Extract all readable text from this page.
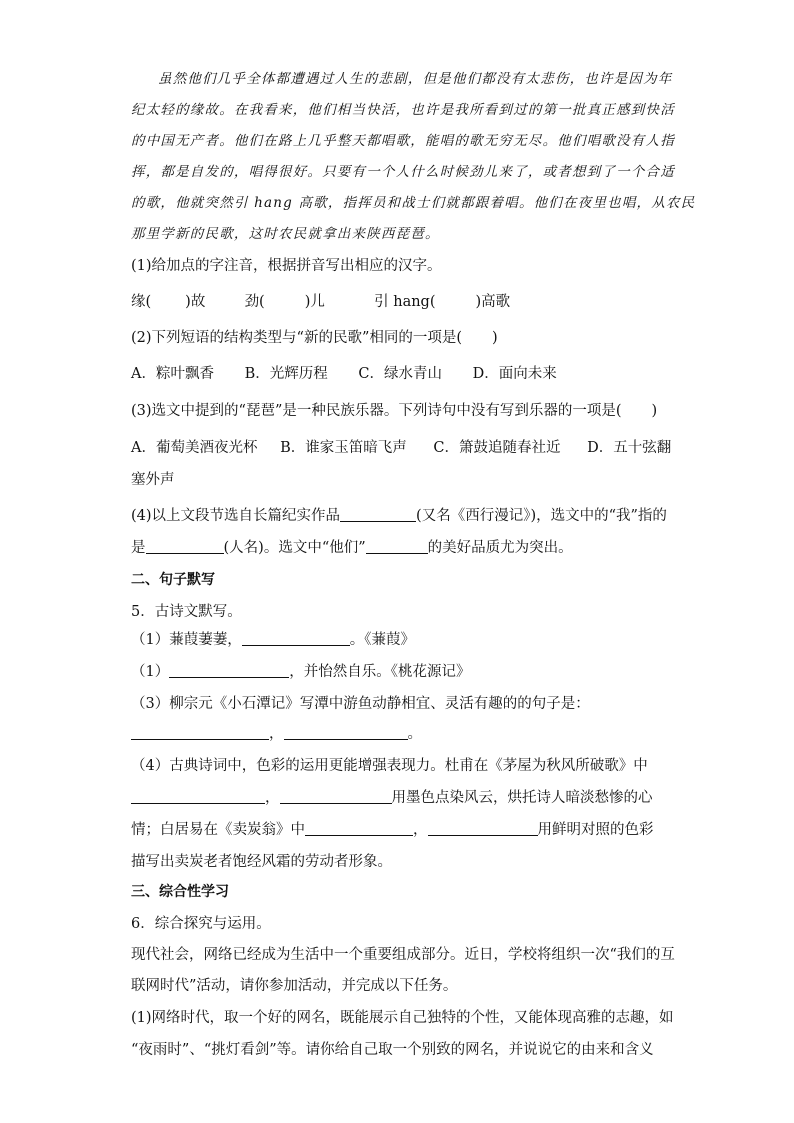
虽然他们几乎全体都遭遇过人生的悲剧，但是他们都没有太悲伤，也许是因为年
纪太轻的缘故。在我看来，他们相当快活，也许是我所看到过的第一批真正感到快活
的中国无产者。他们在路上几乎整天都唱歌，能唱的歌无穷无尽。他们唱歌没有人指
挥，都是自发的，唱得很好。只要有一个人什么时候劲儿来了，或者想到了一个合适
的歌，他就突然引 hang 高歌，指挥员和战士们就都跟着唱。他们在夜里也唱，从农民
那里学新的民歌，这时农民就拿出来陕西琵琶。
(1)给加点的字注音，根据拼音写出相应的汉字。
缘( )故	劲(	)儿	引 hang(	)高歌
(2)下列短语的结构类型与“新的民歌”相同的一项是( )
A．粽叶飘香 B．光辉历程 C．绿水青山 D．面向未来
(3)选文中提到的“琵琶”是一种民族乐器。下列诗句中没有写到乐器的一项是( )
A．葡萄美酒夜光杯 B．谁家玉笛暗飞声 C．箫鼓追随春社近 D．五十弦翻
塞外声
(4)以上文段节选自长篇纪实作品	(又名《西行漫记》)，选文中的“我”指的
是	(人名)。选文中“他们”	的美好品质尤为突出。
二、句子默写
5．古诗文默写。
（1）蒹葭萋萋，	。《蒹葭》
（1）	，并怡然自乐。《桃花源记》
（3）柳宗元《小石潭记》写潭中游鱼动静相宜、灵活有趣的的句子是：
，	。
（4）古典诗词中，色彩的运用更能增强表现力。杜甫在《茅屋为秋风所破歌》中
，	用墨色点染风云，烘托诗人暗淡愁惨的心
情；白居易在《卖炭翁》中	，	用鲜明对照的色彩
描写出卖炭老者饱经风霜的劳动者形象。
三、综合性学习
6．综合探究与运用。
现代社会，网络已经成为生活中一个重要组成部分。近日，学校将组织一次“我们的互
联网时代”活动，请你参加活动，并完成以下任务。
(1)网络时代，取一个好的网名，既能展示自己独特的个性，又能体现高雅的志趣，如
“夜雨时”、“挑灯看剑”等。请你给自己取一个别致的网名，并说说它的由来和含义
